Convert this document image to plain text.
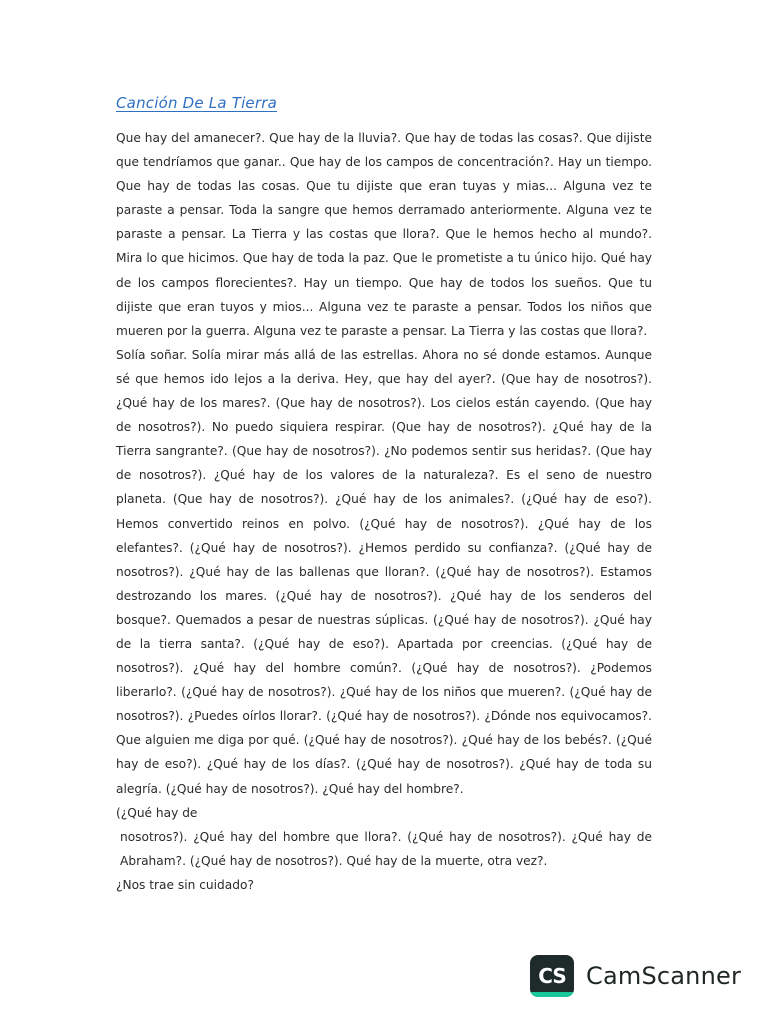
Canción De La Tierra

Que hay del amanecer?. Que hay de la lluvia?. Que hay de todas las cosas?. Que dijiste que tendríamos que ganar.. Que hay de los campos de concentración?. Hay un tiempo. Que hay de todas las cosas. Que tu dijiste que eran tuyas y mias... Alguna vez te paraste a pensar. Toda la sangre que hemos derramado anteriormente. Alguna vez te paraste a pensar. La Tierra y las costas que llora?. Que le hemos hecho al mundo?. Mira lo que hicimos. Que hay de toda la paz. Que le prometiste a tu único hijo. Qué hay de los campos florecientes?. Hay un tiempo. Que hay de todos los sueños. Que tu dijiste que eran tuyos y mios... Alguna vez te paraste a pensar. Todos los niños que mueren por la guerra. Alguna vez te paraste a pensar. La Tierra y las costas que llora?.

Solía soñar. Solía mirar más allá de las estrellas. Ahora no sé donde estamos. Aunque sé que hemos ido lejos a la deriva. Hey, que hay del ayer?. (Que hay de nosotros?). ¿Qué hay de los mares?. (Que hay de nosotros?). Los cielos están cayendo. (Que hay de nosotros?). No puedo siquiera respirar. (Que hay de nosotros?). ¿Qué hay de la Tierra sangrante?. (Que hay de nosotros?). ¿No podemos sentir sus heridas?. (Que hay de nosotros?). ¿Qué hay de los valores de la naturaleza?. Es el seno de nuestro planeta. (Que hay de nosotros?). ¿Qué hay de los animales?. (¿Qué hay de eso?). Hemos convertido reinos en polvo. (¿Qué hay de nosotros?). ¿Qué hay de los elefantes?. (¿Qué hay de nosotros?). ¿Hemos perdido su confianza?. (¿Qué hay de nosotros?). ¿Qué hay de las ballenas que lloran?. (¿Qué hay de nosotros?). Estamos destrozando los mares. (¿Qué hay de nosotros?). ¿Qué hay de los senderos del bosque?. Quemados a pesar de nuestras súplicas. (¿Qué hay de nosotros?). ¿Qué hay de la tierra santa?. (¿Qué hay de eso?). Apartada por creencias. (¿Qué hay de nosotros?). ¿Qué hay del hombre común?. (¿Qué hay de nosotros?). ¿Podemos liberarlo?. (¿Qué hay de nosotros?). ¿Qué hay de los niños que mueren?. (¿Qué hay de nosotros?). ¿Puedes oírlos llorar?. (¿Qué hay de nosotros?). ¿Dónde nos equivocamos?. Que alguien me diga por qué. (¿Qué hay de nosotros?). ¿Qué hay de los bebés?. (¿Qué hay de eso?). ¿Qué hay de los días?. (¿Qué hay de nosotros?). ¿Qué hay de toda su alegría. (¿Qué hay de nosotros?). ¿Qué hay del hombre?.

(¿Qué hay de

nosotros?). ¿Qué hay del hombre que llora?. (¿Qué hay de nosotros?). ¿Qué hay de Abraham?. (¿Qué hay de nosotros?). Qué hay de la muerte, otra vez?.

¿Nos trae sin cuidado?

CS CamScanner
